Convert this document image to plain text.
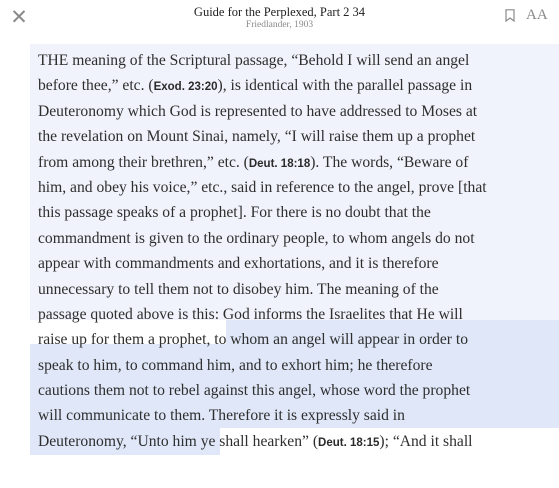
✕	Guide for the Perplexed, Part 2 34
Friedlander, 1903
AA
THE meaning of the Scriptural passage, “Behold I will send an angel
before thee,” etc. (Exod. 23:20), is identical with the parallel passage in
Deuteronomy which God is represented to have addressed to Moses at
the revelation on Mount Sinai, namely, “I will raise them up a prophet
from among their brethren,” etc. (Deut. 18:18). The words, “Beware of
him, and obey his voice,” etc., said in reference to the angel, prove [that
this passage speaks of a prophet]. For there is no doubt that the
commandment is given to the ordinary people, to whom angels do not
appear with commandments and exhortations, and it is therefore
unnecessary to tell them not to disobey him. The meaning of the
passage quoted above is this: God informs the Israelites that He will
raise up for them a prophet, to whom an angel will appear in order to
speak to him, to command him, and to exhort him; he therefore
cautions them not to rebel against this angel, whose word the prophet
will communicate to them. Therefore it is expressly said in
Deuteronomy, “Unto him ye shall hearken” (Deut. 18:15); “And it shall
